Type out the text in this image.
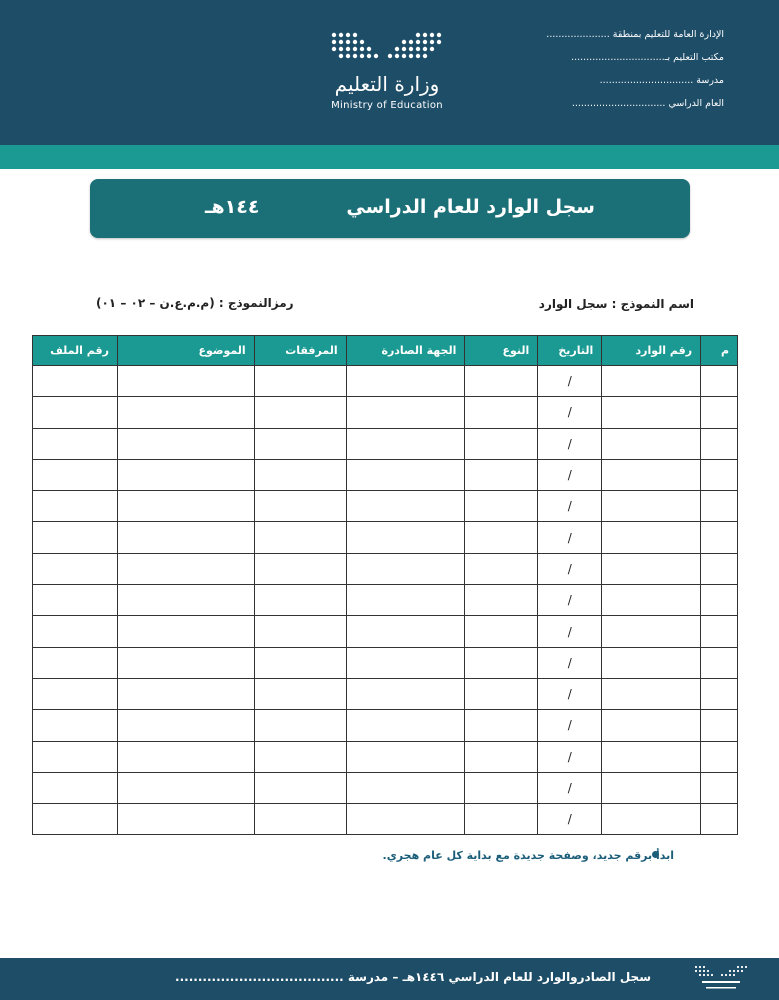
وزارة التعليم
Ministry of Education
الإدارة العامة للتعليم بمنطقة .....................
مكتب التعليم بـ...............................
مدرسة ...............................
العام الدراسي ...............................
سجل الوارد للعام الدراسي
١٤٤هـ
اسم النموذج : سجل الوارد
رمزالنموذج : (م.م.ع.ن – ٠٢ – ٠١)
م	رقم الوارد	التاريخ	النوع	الجهة الصادرة	المرفقات	الموضوع	رقم الملف
		/					
		/					
		/					
		/					
		/					
		/					
		/					
		/					
		/					
		/					
		/					
		/					
		/					
		/					
		/					
ابدأ برقم جديد، وصفحة جديدة مع بداية كل عام هجري.
سجل الصادروالوارد للعام الدراسي ١٤٤٦هـ – مدرسة .....................................
